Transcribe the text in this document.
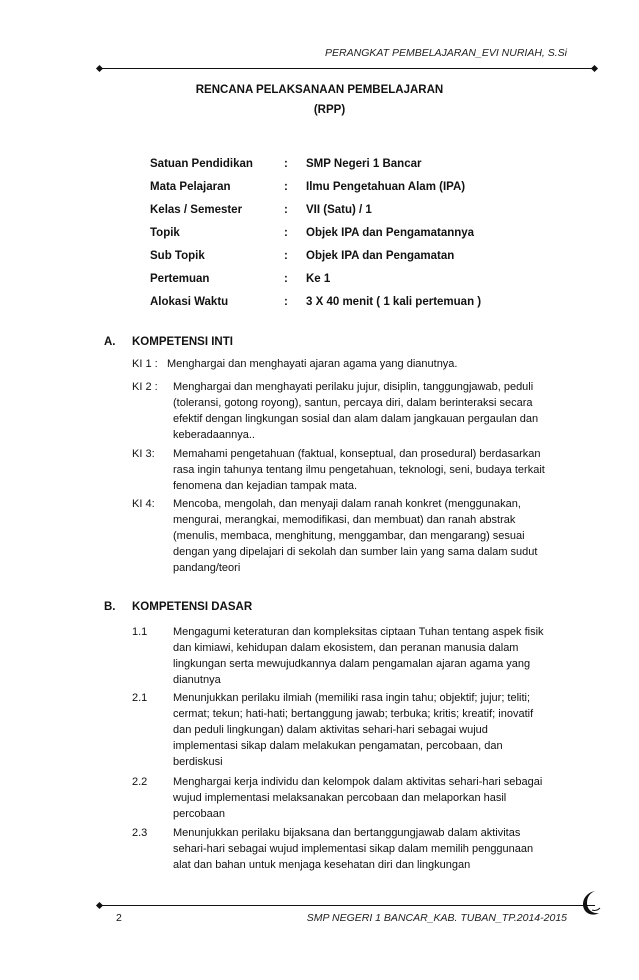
PERANGKAT PEMBELAJARAN_EVI NURIAH, S.Si
RENCANA PELAKSANAAN PEMBELAJARAN
(RPP)
Satuan Pendidikan	: SMP Negeri 1 Bancar
Mata Pelajaran	: Ilmu Pengetahuan Alam (IPA)
Kelas / Semester	: VII (Satu) / 1
Topik	: Objek IPA dan Pengamatannya
Sub Topik	: Objek IPA dan Pengamatan
Pertemuan	: Ke 1
Alokasi Waktu	: 3 X 40 menit ( 1 kali pertemuan )
A. KOMPETENSI INTI
KI 1 : Menghargai dan menghayati ajaran agama yang dianutnya.
KI 2 : Menghargai dan menghayati perilaku jujur, disiplin, tanggungjawab, peduli
(toleransi, gotong royong), santun, percaya diri, dalam berinteraksi secara
efektif dengan lingkungan sosial dan alam dalam jangkauan pergaulan dan
keberadaannya..
KI 3: Memahami pengetahuan (faktual, konseptual, dan prosedural) berdasarkan
rasa ingin tahunya tentang ilmu pengetahuan, teknologi, seni, budaya terkait
fenomena dan kejadian tampak mata.
KI 4: Mencoba, mengolah, dan menyaji dalam ranah konkret (menggunakan,
mengurai, merangkai, memodifikasi, dan membuat) dan ranah abstrak
(menulis, membaca, menghitung, menggambar, dan mengarang) sesuai
dengan yang dipelajari di sekolah dan sumber lain yang sama dalam sudut
pandang/teori
B. KOMPETENSI DASAR
1.1 Mengagumi keteraturan dan kompleksitas ciptaan Tuhan tentang aspek fisik
dan kimiawi, kehidupan dalam ekosistem, dan peranan manusia dalam
lingkungan serta mewujudkannya dalam pengamalan ajaran agama yang
dianutnya
2.1 Menunjukkan perilaku ilmiah (memiliki rasa ingin tahu; objektif; jujur; teliti;
cermat; tekun; hati-hati; bertanggung jawab; terbuka; kritis; kreatif; inovatif
dan peduli lingkungan) dalam aktivitas sehari-hari sebagai wujud
implementasi sikap dalam melakukan pengamatan, percobaan, dan
berdiskusi
2.2 Menghargai kerja individu dan kelompok dalam aktivitas sehari-hari sebagai
wujud implementasi melaksanakan percobaan dan melaporkan hasil
percobaan
2.3 Menunjukkan perilaku bijaksana dan bertanggungjawab dalam aktivitas
sehari-hari sebagai wujud implementasi sikap dalam memilih penggunaan
alat dan bahan untuk menjaga kesehatan diri dan lingkungan
2	SMP NEGERI 1 BANCAR_KAB. TUBAN_TP.2014-2015
